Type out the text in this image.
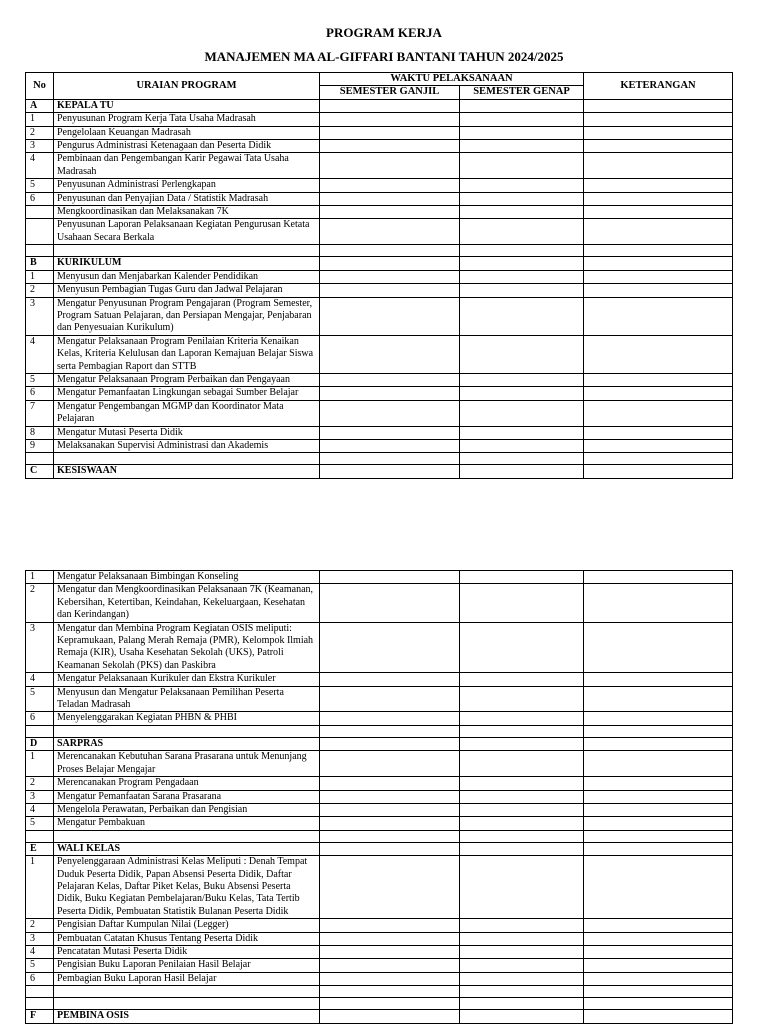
PROGRAM KERJA
MANAJEMEN MA AL-GIFFARI BANTANI TAHUN 2024/2025
No	URAIAN PROGRAM	WAKTU PELAKSANAAN		KETERANGAN
		SEMESTER GANJIL	SEMESTER GENAP	
A	KEPALA TU			
1	Penyusunan Program Kerja Tata Usaha Madrasah			
2	Pengelolaan Keuangan Madrasah			
3	Pengurus Administrasi Ketenagaan dan Peserta Didik			
4	Pembinaan dan Pengembangan Karir Pegawai Tata Usaha Madrasah			
5	Penyusunan Administrasi Perlengkapan			
6	Penyusunan dan Penyajian Data / Statistik Madrasah			
	Mengkoordinasikan dan Melaksanakan 7K			
	Penyusunan Laporan Pelaksanaan Kegiatan Pengurusan Ketata Usahaan Secara Berkala			

B	KURIKULUM			
1	Menyusun dan Menjabarkan Kalender Pendidikan			
2	Menyusun Pembagian Tugas Guru dan Jadwal Pelajaran			
3	Mengatur Penyusunan Program Pengajaran (Program Semester, Program Satuan Pelajaran, dan Persiapan Mengajar, Penjabaran dan Penyesuaian Kurikulum)			
4	Mengatur Pelaksanaan Program Penilaian Kriteria Kenaikan Kelas, Kriteria Kelulusan dan Laporan Kemajuan Belajar Siswa serta Pembagian Raport dan STTB			
5	Mengatur Pelaksanaan Program Perbaikan dan Pengayaan			
6	Mengatur Pemanfaatan Lingkungan sebagai Sumber Belajar			
7	Mengatur Pengembangan MGMP dan Koordinator Mata Pelajaran			
8	Mengatur Mutasi Peserta Didik			
9	Melaksanakan Supervisi Administrasi dan Akademis			

C	KESISWAAN			
1	Mengatur Pelaksanaan Bimbingan Konseling			
2	Mengatur dan Mengkoordinasikan Pelaksanaan 7K (Keamanan, Kebersihan, Ketertiban, Keindahan, Kekeluargaan, Kesehatan dan Kerindangan)			
3	Mengatur dan Membina Program Kegiatan OSIS meliputi: Kepramukaan, Palang Merah Remaja (PMR), Kelompok Ilmiah Remaja (KIR), Usaha Kesehatan Sekolah (UKS), Patroli Keamanan Sekolah (PKS) dan Paskibra			
4	Mengatur Pelaksanaan Kurikuler dan Ekstra Kurikuler			
5	Menyusun dan Mengatur Pelaksanaan Pemilihan Peserta Teladan Madrasah			
6	Menyelenggarakan Kegiatan PHBN & PHBI			

D	SARPRAS			
1	Merencanakan Kebutuhan Sarana Prasarana untuk Menunjang Proses Belajar Mengajar			
2	Merencanakan Program Pengadaan			
3	Mengatur Pemanfaatan Sarana Prasarana			
4	Mengelola Perawatan, Perbaikan dan Pengisian			
5	Mengatur Pembakuan			

E	WALI KELAS			
1	Penyelenggaraan Administrasi Kelas Meliputi : Denah Tempat Duduk Peserta Didik, Papan Absensi Peserta Didik, Daftar Pelajaran Kelas, Daftar Piket Kelas, Buku Absensi Peserta Didik, Buku Kegiatan Pembelajaran/Buku Kelas, Tata Tertib Peserta Didik, Pembuatan Statistik Bulanan Peserta Didik			
2	Pengisian Daftar Kumpulan Nilai (Legger)			
3	Pembuatan Catatan Khusus Tentang Peserta Didik			
4	Pencatatan Mutasi Peserta Didik			
5	Pengisian Buku Laporan Penilaian Hasil Belajar			
6	Pembagian Buku Laporan Hasil Belajar			

F	PEMBINA OSIS			
